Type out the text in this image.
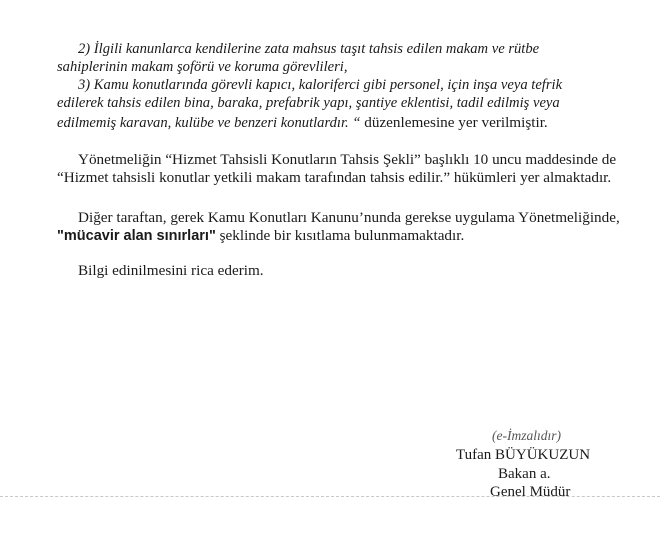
2) İlgili kanunlarca kendilerine zata mahsus taşıt tahsis edilen makam ve rütbe
sahiplerinin makam şoförü ve koruma görevlileri,
3) Kamu konutlarında görevli kapıcı, kaloriferci gibi personel, için inşa veya tefrik
edilerek tahsis edilen bina, baraka, prefabrik yapı, şantiye eklentisi, tadil edilmiş veya
edilmemiş karavan, kulübe ve benzeri konutlardır. “ düzenlemesine yer verilmiştir.
Yönetmeliğin “Hizmet Tahsisli Konutların Tahsis Şekli” başlıklı 10 uncu maddesinde de
“Hizmet tahsisli konutlar yetkili makam tarafından tahsis edilir.” hükümleri yer almaktadır.
Diğer taraftan, gerek Kamu Konutları Kanunu’nunda gerekse uygulama Yönetmeliğinde,
"mücavir alan sınırları" şeklinde bir kısıtlama bulunmamaktadır.
Bilgi edinilmesini rica ederim.
(e-İmzalıdır)
Tufan BÜYÜKUZUN
Bakan a.
Genel Müdür
